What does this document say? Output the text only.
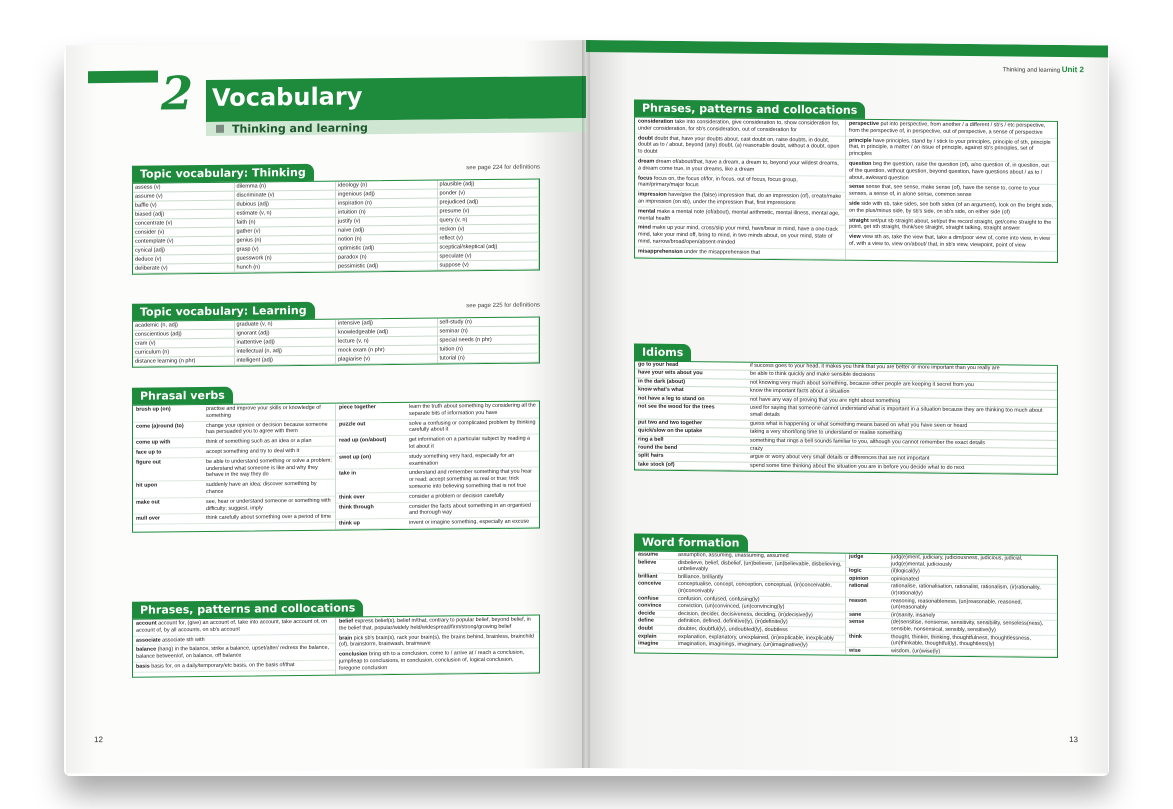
2 Vocabulary
Thinking and learning
Topic vocabulary: Thinking	see page 224 for definitions
assess (v)	dilemma (n)	ideology (n)	plausible (adj)
assume (v)	discriminate (v)	ingenious (adj)	ponder (v)
baffle (v)	dubious (adj)	inspiration (n)	prejudiced (adj)
biased (adj)	estimate (v, n)	intuition (n)	presume (v)
concentrate (v)	faith (n)	justify (v)	query (v, n)
consider (v)	gather (v)	naive (adj)	reckon (v)
contemplate (v)	genius (n)	notion (n)	reflect (v)
cynical (adj)	grasp (v)	optimistic (adj)	sceptical/skeptical (adj)
deduce (v)	guesswork (n)	paradox (n)	speculate (v)
deliberate (v)	hunch (n)	pessimistic (adj)	suppose (v)
Topic vocabulary: Learning	see page 225 for definitions
academic (n, adj)	graduate (v, n)	intensive (adj)	self-study (n)
conscientious (adj)	ignorant (adj)	knowledgeable (adj)	seminar (n)
cram (v)	inattentive (adj)	lecture (v, n)	special needs (n phr)
curriculum (n)	intellectual (n, adj)	mock exam (n phr)	tuition (n)
distance learning (n phr)	intelligent (adj)	plagiarise (v)	tutorial (n)
Phrasal verbs
brush up (on)	practise and improve your skills or knowledge of something
come (a)round (to)	change your opinion or decision because someone has persuaded you to agree with them
come up with	think of something such as an idea or a plan
face up to	accept something and try to deal with it
figure out	be able to understand something or solve a problem; understand what someone is like and why they behave in the way they do
hit upon	suddenly have an idea; discover something by chance
make out	see, hear or understand someone or something with difficulty; suggest, imply
mull over	think carefully about something over a period of time
piece together	learn the truth about something by considering all the separate bits of information you have
puzzle out	solve a confusing or complicated problem by thinking carefully about it
read up (on/about)	get information on a particular subject by reading a lot about it
swot up (on)	study something very hard, especially for an examination
take in	understand and remember something that you hear or read; accept something as real or true; trick someone into believing something that is not true
think over	consider a problem or decision carefully
think through	consider the facts about something in an organised and thorough way
think up	invent or imagine something, especially an excuse
Phrases, patterns and collocations

account account for, (give) an account of, take into account, take account of, on account of, by all accounts, on sb's account

associate associate sth with

balance (hang) in the balance, strike a balance, upset/alter/ redress the balance, balance between/of, on balance, off balance

basis basis for, on a daily/temporary/etc basis, on the basis of/that

belief express belief(s), belief in/that, contrary to popular belief, beyond belief, in the belief that, popular/widely held/widespread/firm/strong/growing belief

brain pick sb's brain(s), rack your brain(s), the brains behind, brainless, brainchild (of), brainstorm, brainwash, brainwave

conclusion bring sth to a conclusion, come to / arrive at / reach a conclusion, jump/leap to conclusions, in conclusion, conclusion of, logical conclusion, foregone conclusion

12
Thinking and learning Unit 2
Phrases, patterns and collocations

consideration take into consideration, give consideration to, show consideration for, under consideration, for sb's consideration, out of consideration for

doubt doubt that, have your doubts about, cast doubt on, raise doubts, in doubt, doubt as to / about, beyond (any) doubt, (a) reasonable doubt, without a doubt, open to doubt

dream dream of/about/that, have a dream, a dream to, beyond your wildest dreams, a dream come true, in your dreams, like a dream

focus focus on, the focus of/for, in focus, out of focus, focus group, main/primary/major focus

impression have/give the (false) impression that, do an impression (of), create/make an impression (on sb), under the impression that, first impressions

mental make a mental note (of/about), mental arithmetic, mental illness, mental age, mental health

mind make up your mind, cross/slip your mind, have/bear in mind, have a one-track mind, take your mind off, bring to mind, in two minds about, on your mind, state of mind, narrow/broad/open/absent-minded

misapprehension under the misapprehension that

perspective put into perspective, from another / a different / sb's / etc perspective, from the perspective of, in perspective, out of perspective, a sense of perspective

principle have principles, stand by / stick to your principles, principle of sth, principle that, in principle, a matter / an issue of principle, against sb's principles, set of principles

question beg the question, raise the question (of), a/no question of, in question, out of the question, without question, beyond question, have questions about / as to / about, awkward question

sense sense that, see sense, make sense (of), have the sense to, come to your senses, a sense of, in a/one sense, common sense

side side with sb, take sides, see both sides (of an argument), look on the bright side, on the plus/minus side, by sb's side, on sb's side, on either side (of)

straight set/put sb straight about, set/put the record straight, get/come straight to the point, get sth straight, think/see straight, straight talking, straight answer

view view sth as, take the view that, take a dim/poor view of, come into view, in view of, with a view to, view on/about/ that, in sb's view, viewpoint, point of view

Idioms
go to your head	if success goes to your head, it makes you think that you are better or more important than you really are
have your wits about you	be able to think quickly and make sensible decisions
in the dark (about)	not knowing very much about something, because other people are keeping it secret from you
know what's what	know the important facts about a situation
not have a leg to stand on	not have any way of proving that you are right about something
not see the wood for the trees	used for saying that someone cannot understand what is important in a situation because they are thinking too much about small details
put two and two together	guess what is happening or what something means based on what you have seen or heard
quick/slow on the uptake	taking a very short/long time to understand or realise something
ring a bell	something that rings a bell sounds familiar to you, although you cannot remember the exact details
round the bend	crazy
split hairs	argue or worry about very small details or differences that are not important
take stock (of)	spend some time thinking about the situation you are in before you decide what to do next
Word formation
assume	assumption, assuming, unassuming, assumed
believe	disbelieve, belief, disbelief, (un)believer, (un)believable, disbelieving, unbelievably
brilliant	brilliance, brilliantly
conceive	conceptualise, concept, conception, conceptual, (in)conceivable, (in)conceivably
confuse	confusion, confused, confusing(ly)
convince	conviction, (un)convinced, (un)convincing(ly)
decide	decision, decider, decisiveness, deciding, (in)decisive(ly)
define	definition, defined, definitive(ly), (in)definite(ly)
doubt	doubter, doubtful(ly), undoubted(ly), doubtless
explain	explanation, explanatory, unexplained, (in)explicable, inexplicably
imagine	imagination, imaginings, imaginary, (un)imaginative(ly)
judge	judg(e)ment, judiciary, judiciousness, judicious, judicial, judg(e)mental, judiciously
logic	(il)logical(ly)
opinion	opinionated
rational	rationalise, rationalisation, rationalist, rationalism, (ir)rationality, (ir)rational(ly)
reason	reasoning, reasonableness, (un)reasonable, reasoned, (un)reasonably
sane	(in)sanity, insanely
sense	(de)sensitise, nonsense, sensitivity, sensibility, senseless(ness), sensible, nonsensical, sensibly, sensitive(ly)
think	thought, thinker, thinking, thoughtfulness, thoughtlessness, (un)thinkable, thoughtful(ly), thoughtless(ly)
wise	wisdom, (un)wise(ly)
13
